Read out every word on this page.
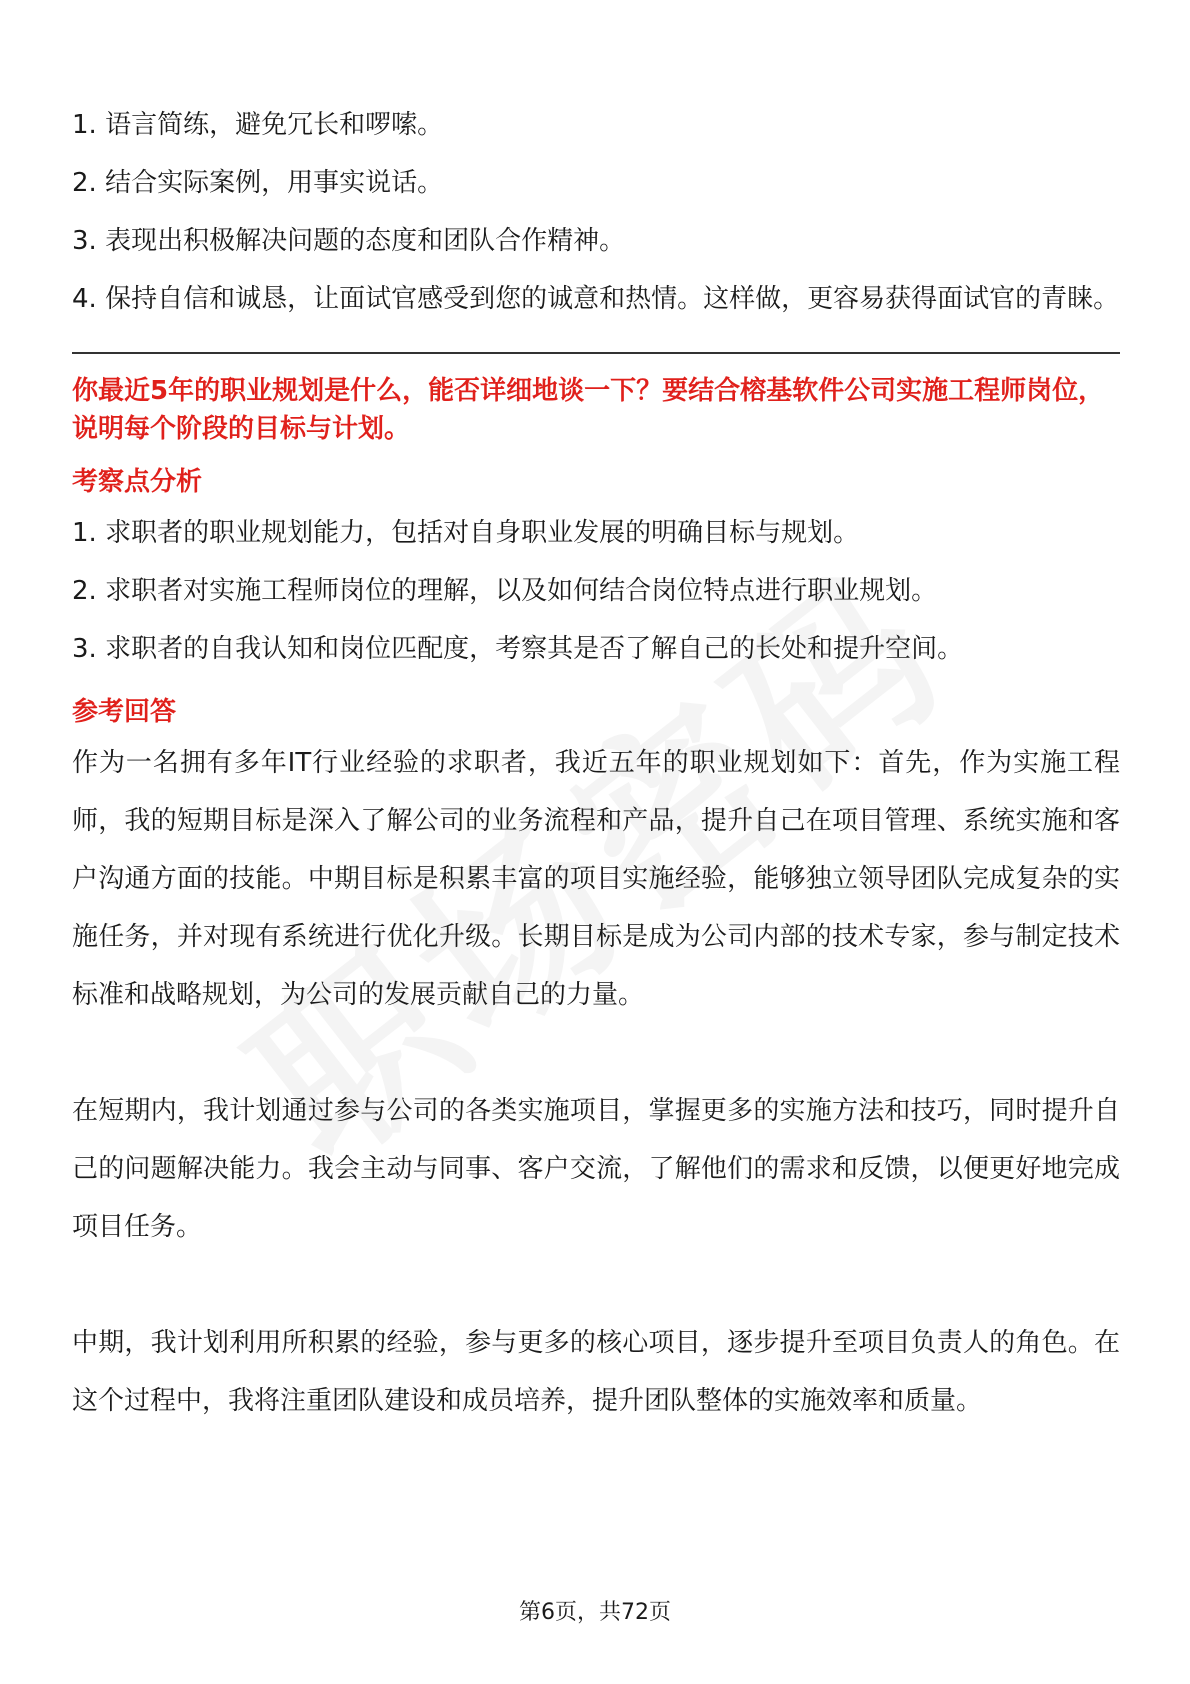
1. 语言简练，避免冗长和啰嗦。

2. 结合实际案例，用事实说话。

3. 表现出积极解决问题的态度和团队合作精神。

4. 保持自信和诚恳，让面试官感受到您的诚意和热情。这样做，更容易获得面试官的青睐。

你最近5年的职业规划是什么，能否详细地谈一下？要结合榕基软件公司实施工程师岗位，说明每个阶段的目标与计划。

考察点分析

1. 求职者的职业规划能力，包括对自身职业发展的明确目标与规划。

2. 求职者对实施工程师岗位的理解，以及如何结合岗位特点进行职业规划。

3. 求职者的自我认知和岗位匹配度，考察其是否了解自己的长处和提升空间。

参考回答

作为一名拥有多年IT行业经验的求职者，我近五年的职业规划如下：首先，作为实施工程师，我的短期目标是深入了解公司的业务流程和产品，提升自己在项目管理、系统实施和客户沟通方面的技能。中期目标是积累丰富的项目实施经验，能够独立领导团队完成复杂的实施任务，并对现有系统进行优化升级。长期目标是成为公司内部的技术专家，参与制定技术标准和战略规划，为公司的发展贡献自己的力量。

在短期内，我计划通过参与公司的各类实施项目，掌握更多的实施方法和技巧，同时提升自己的问题解决能力。我会主动与同事、客户交流，了解他们的需求和反馈，以便更好地完成项目任务。

中期，我计划利用所积累的经验，参与更多的核心项目，逐步提升至项目负责人的角色。在这个过程中，我将注重团队建设和成员培养，提升团队整体的实施效率和质量。

第6页，共72页
